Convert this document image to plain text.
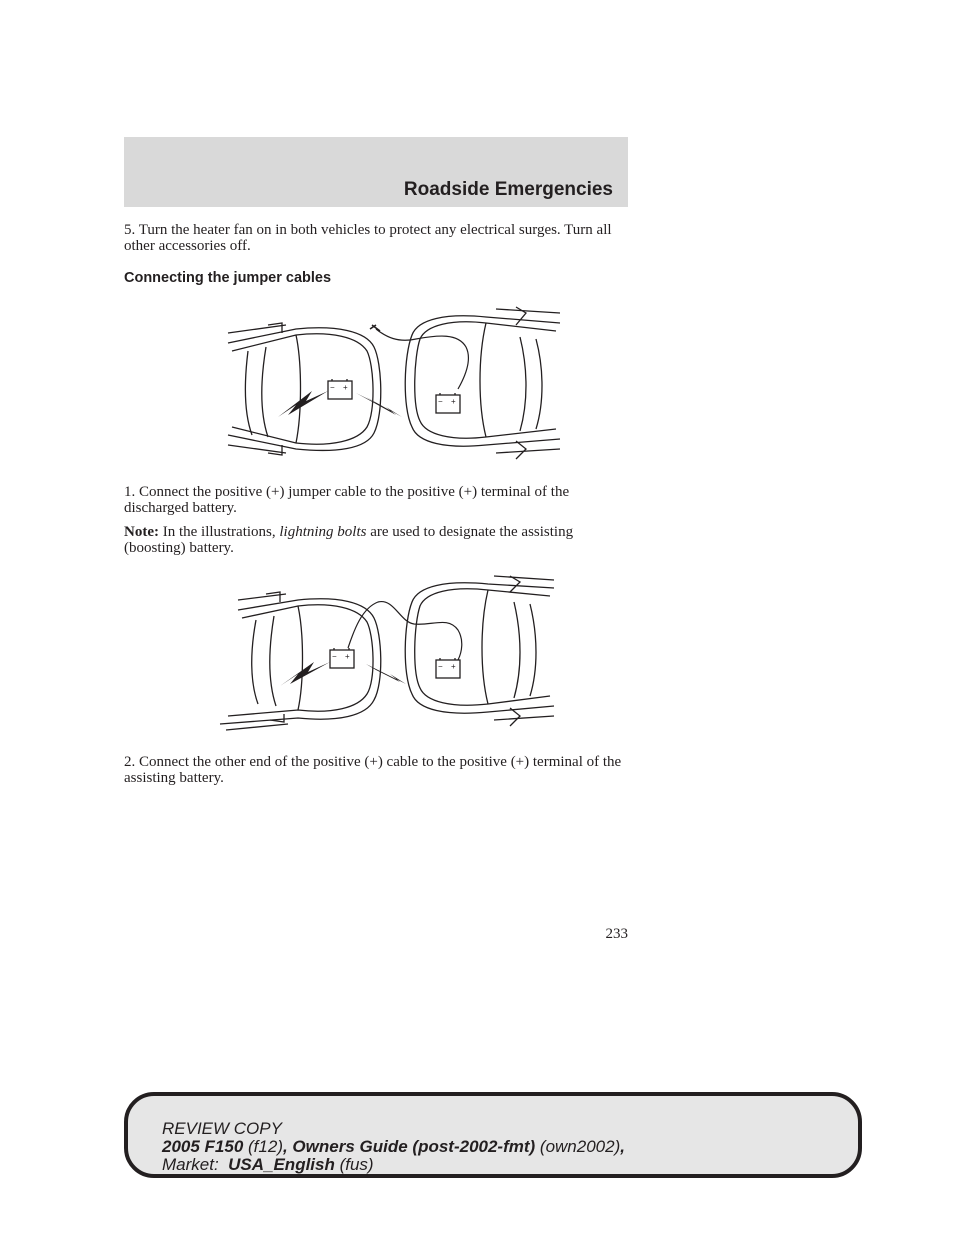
Roadside Emergencies

5. Turn the heater fan on in both vehicles to protect any electrical surges. Turn all other accessories off.

Connecting the jumper cables

− +
− +

1. Connect the positive (+) jumper cable to the positive (+) terminal of the discharged battery.

Note: In the illustrations, lightning bolts are used to designate the assisting (boosting) battery.

− +
− +

2. Connect the other end of the positive (+) cable to the positive (+) terminal of the assisting battery.

233
REVIEW COPY
2005 F150 (f12), Owners Guide (post-2002-fmt) (own2002),
Market:  USA_English (fus)
